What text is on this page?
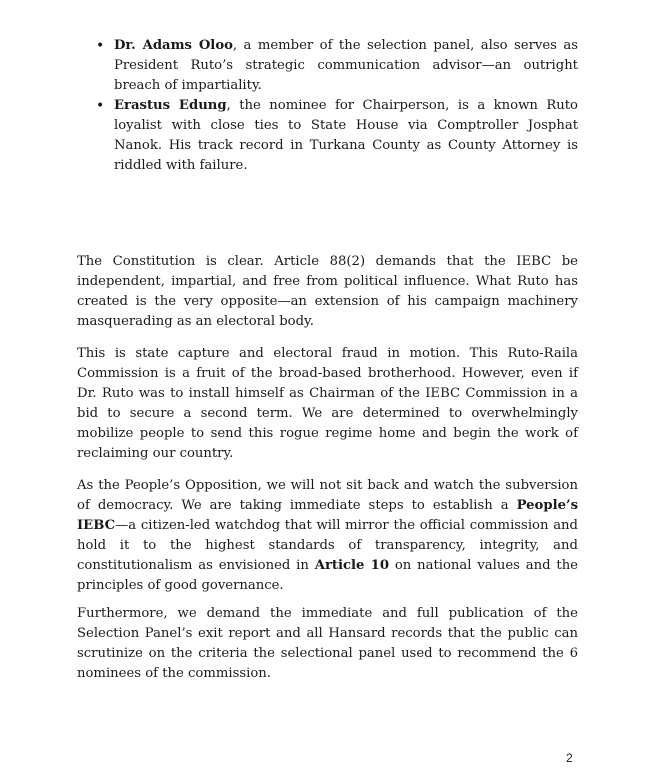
• Dr. Adams Oloo, a member of the selection panel, also serves as President Ruto’s strategic communication advisor—an outright breach of impartiality.
• Erastus Edung, the nominee for Chairperson, is a known Ruto loyalist with close ties to State House via Comptroller Josphat Nanok. His track record in Turkana County as County Attorney is riddled with failure.

The Constitution is clear. Article 88(2) demands that the IEBC be independent, impartial, and free from political influence. What Ruto has created is the very opposite—an extension of his campaign machinery masquerading as an electoral body.

This is state capture and electoral fraud in motion. This Ruto-Raila Commission is a fruit of the broad-based brotherhood. However, even if Dr. Ruto was to install himself as Chairman of the IEBC Commission in a bid to secure a second term. We are determined to overwhelmingly mobilize people to send this rogue regime home and begin the work of reclaiming our country.

As the People’s Opposition, we will not sit back and watch the subversion of democracy. We are taking immediate steps to establish a People’s IEBC—a citizen-led watchdog that will mirror the official commission and hold it to the highest standards of transparency, integrity, and constitutionalism as envisioned in Article 10 on national values and the principles of good governance.

Furthermore, we demand the immediate and full publication of the Selection Panel’s exit report and all Hansard records that the public can scrutinize on the criteria the selectional panel used to recommend the 6 nominees of the commission.

2
